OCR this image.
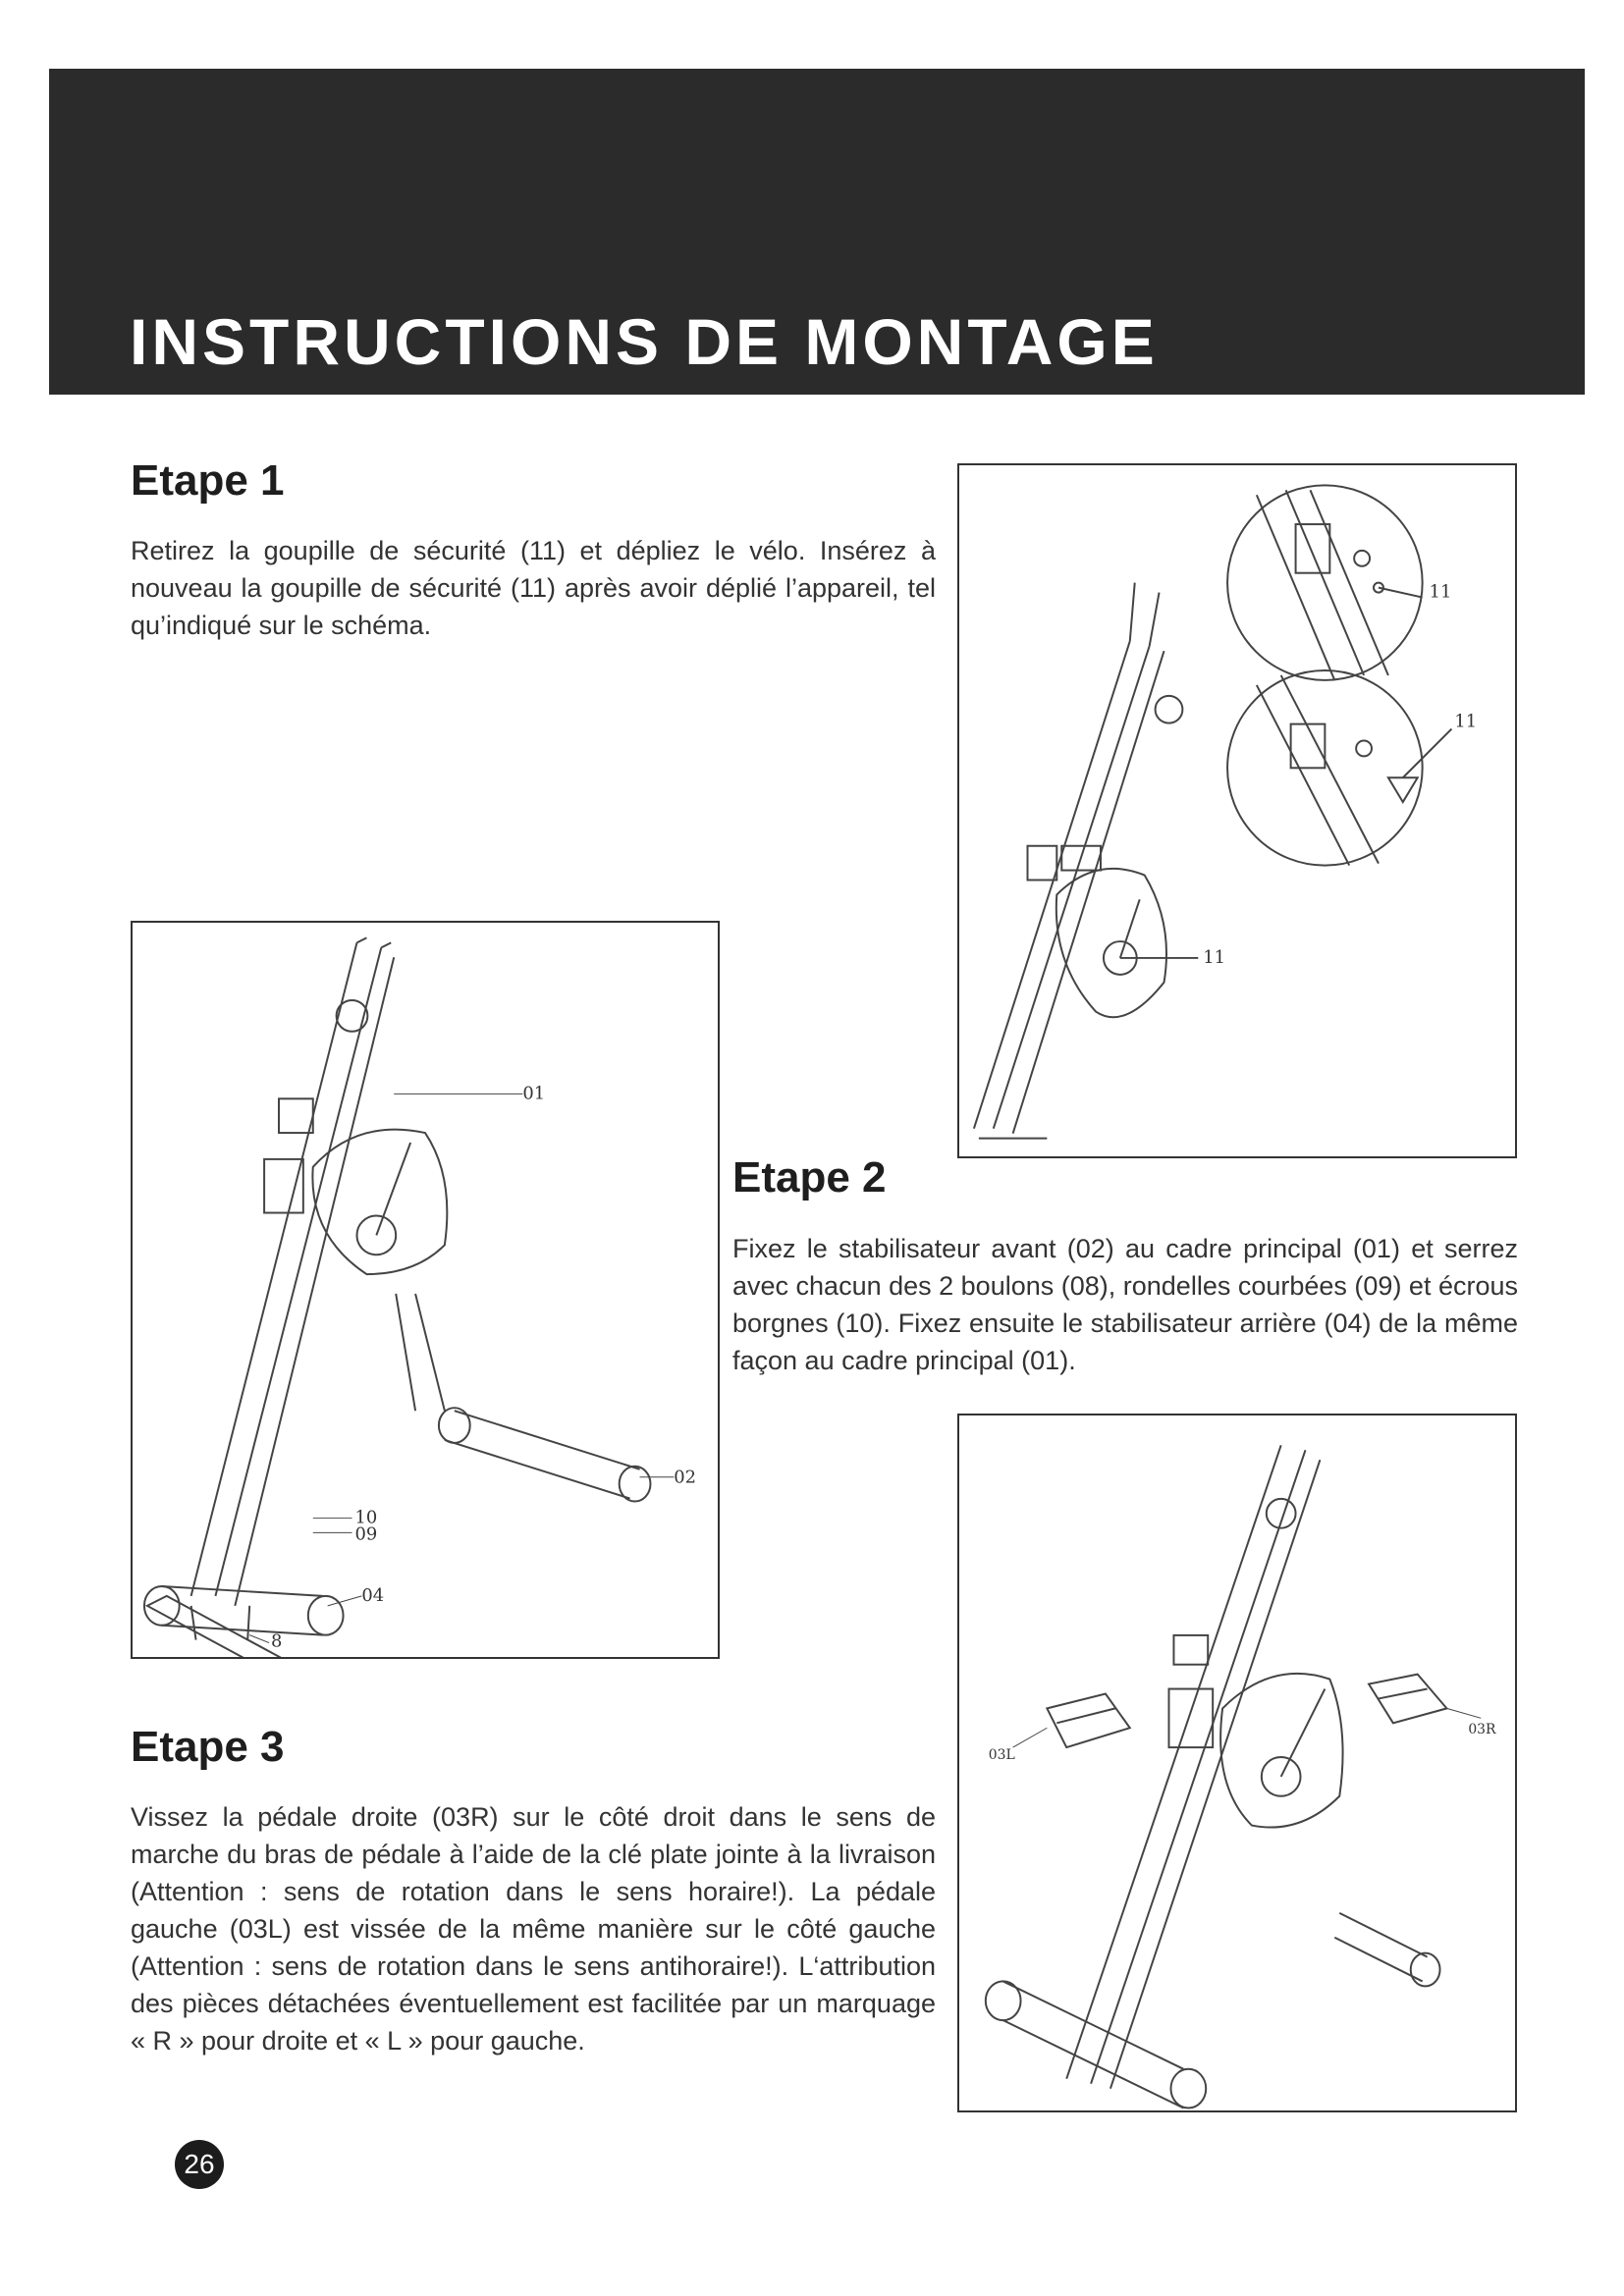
INSTRUCTIONS DE MONTAGE
Etape 1

Retirez la goupille de sécurité (11) et dépliez le vélo. Insérez à nouveau la goupille de sécurité (11) après avoir déplié l’appareil, tel qu’indiqué sur le schéma.

11
11
11
01
02
04
10
09
8
Etape 2

Fixez le stabilisateur avant (02) au cadre principal (01) et serrez avec chacun des 2 boulons (08), rondelles courbées (09) et écrous borgnes (10). Fixez ensuite le stabilisateur arrière (04) de la même façon au cadre principal (01).

03L
03R
Etape 3

Vissez la pédale droite (03R) sur le côté droit dans le sens de marche du bras de pédale à l’aide de la clé plate jointe à la livraison (Attention : sens de rotation dans le sens horaire!). La pédale gauche (03L) est vissée de la même manière sur le côté gauche (Attention : sens de rotation dans le sens antihoraire!). L‘attribution des pièces détachées éventuellement est facilitée par un marquage « R » pour droite et « L » pour gauche.

26
